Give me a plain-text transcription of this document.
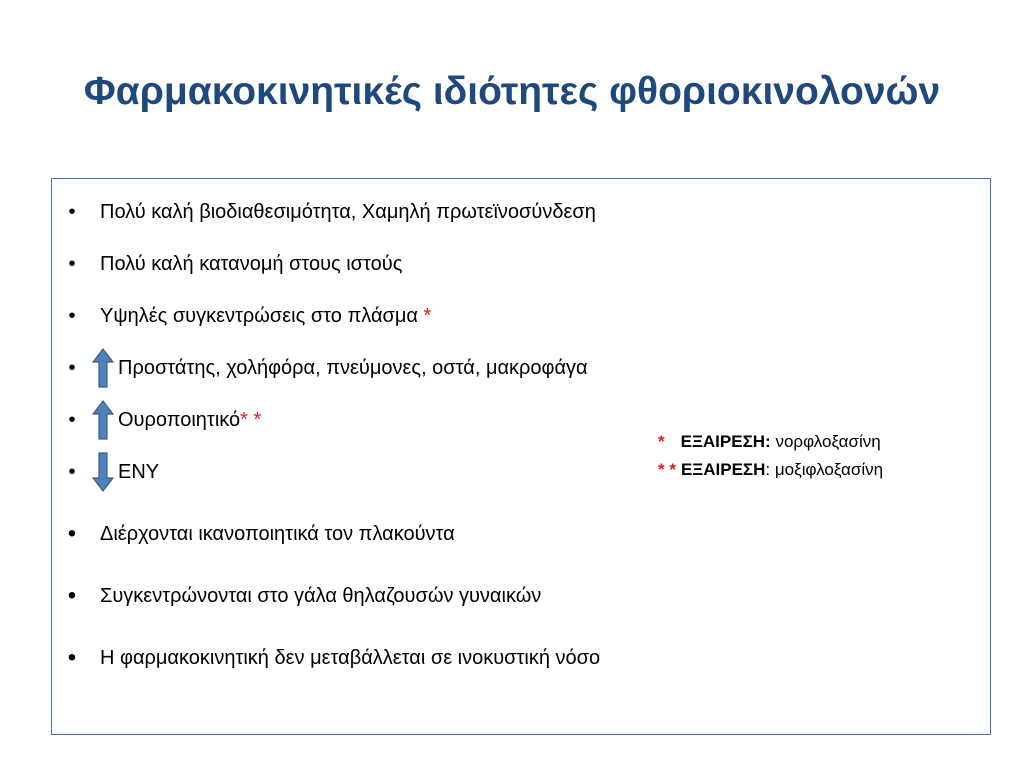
Φαρμακοκινητικές ιδιότητες φθοριοκινολονών
•	Πολύ καλή βιοδιαθεσιμότητα, Χαμηλή πρωτεϊνοσύνδεση
•	Πολύ καλή κατανομή στους ιστούς
•	Υψηλές συγκεντρώσεις στο πλάσμα *
•	Προστάτης, χολήφόρα, πνεύμονες, οστά, μακροφάγα
•	Ουροποιητικό* *
•	ΕΝΥ
• Διέρχονται ικανοποιητικά τον πλακούντα
• Συγκεντρώνονται στο γάλα θηλαζουσών γυναικών
• Η φαρμακοκινητική δεν μεταβάλλεται σε ινοκυστική νόσο
* ΕΞΑΙΡΕΣΗ: νορφλοξασίνη
* * ΕΞΑΙΡΕΣΗ: μοξιφλοξασίνη
